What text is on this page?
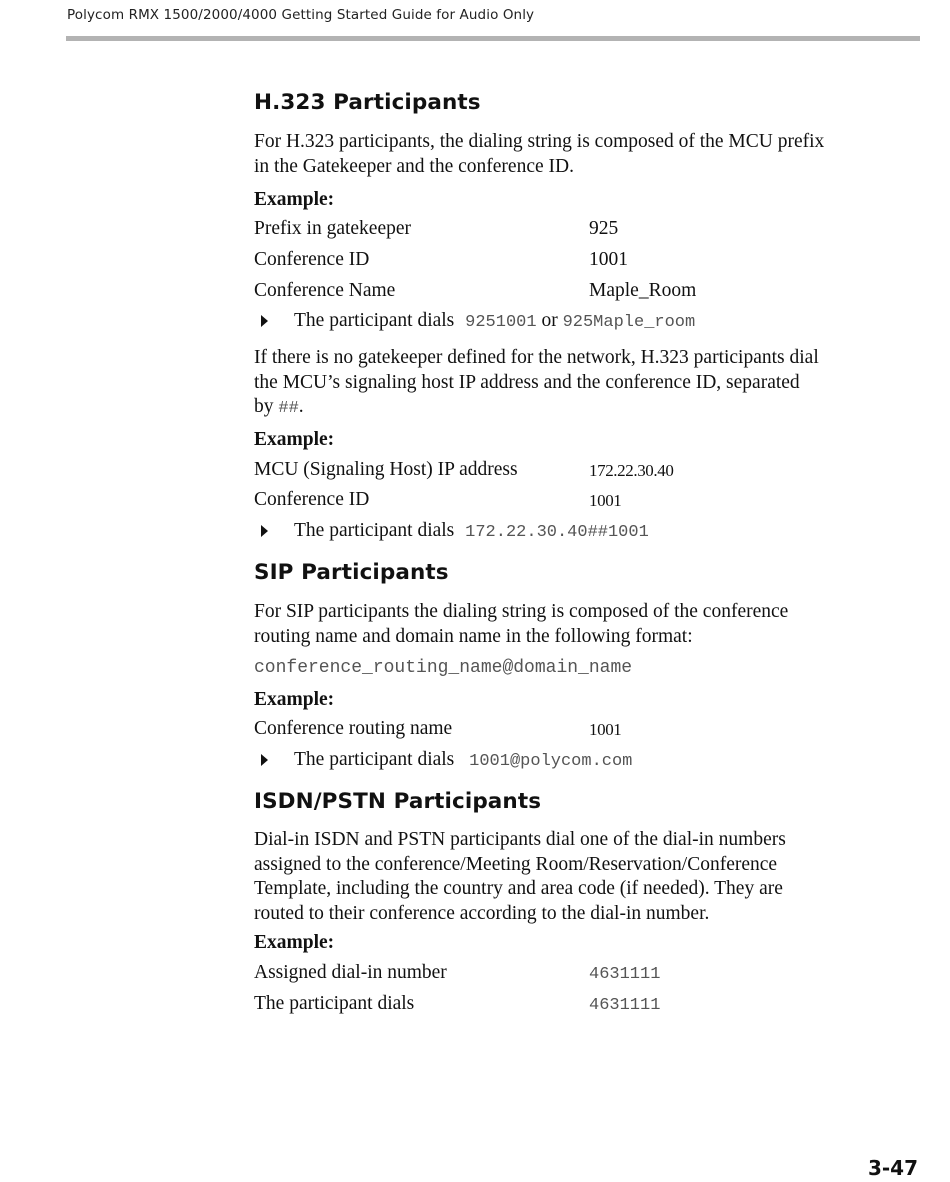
Polycom RMX 1500/2000/4000 Getting Started Guide for Audio Only
H.323 Participants
For H.323 participants, the dialing string is composed of the MCU prefix
in the Gatekeeper and the conference ID.
Example:
Prefix in gatekeeper	925
Conference ID	1001
Conference Name	Maple_Room
The participant dials 9251001 or 925Maple_room
If there is no gatekeeper defined for the network, H.323 participants dial
the MCU’s signaling host IP address and the conference ID, separated
by ##.
Example:
MCU (Signaling Host) IP address	172.22.30.40
Conference ID	1001
The participant dials 172.22.30.40##1001
SIP Participants
For SIP participants the dialing string is composed of the conference
routing name and domain name in the following format:
conference_routing_name@domain_name
Example:
Conference routing name	1001
The participant dials 1001@polycom.com
ISDN/PSTN Participants
Dial-in ISDN and PSTN participants dial one of the dial-in numbers
assigned to the conference/Meeting Room/Reservation/Conference
Template, including the country and area code (if needed). They are
routed to their conference according to the dial-in number.
Example:
Assigned dial-in number	4631111
The participant dials	4631111
3-47
